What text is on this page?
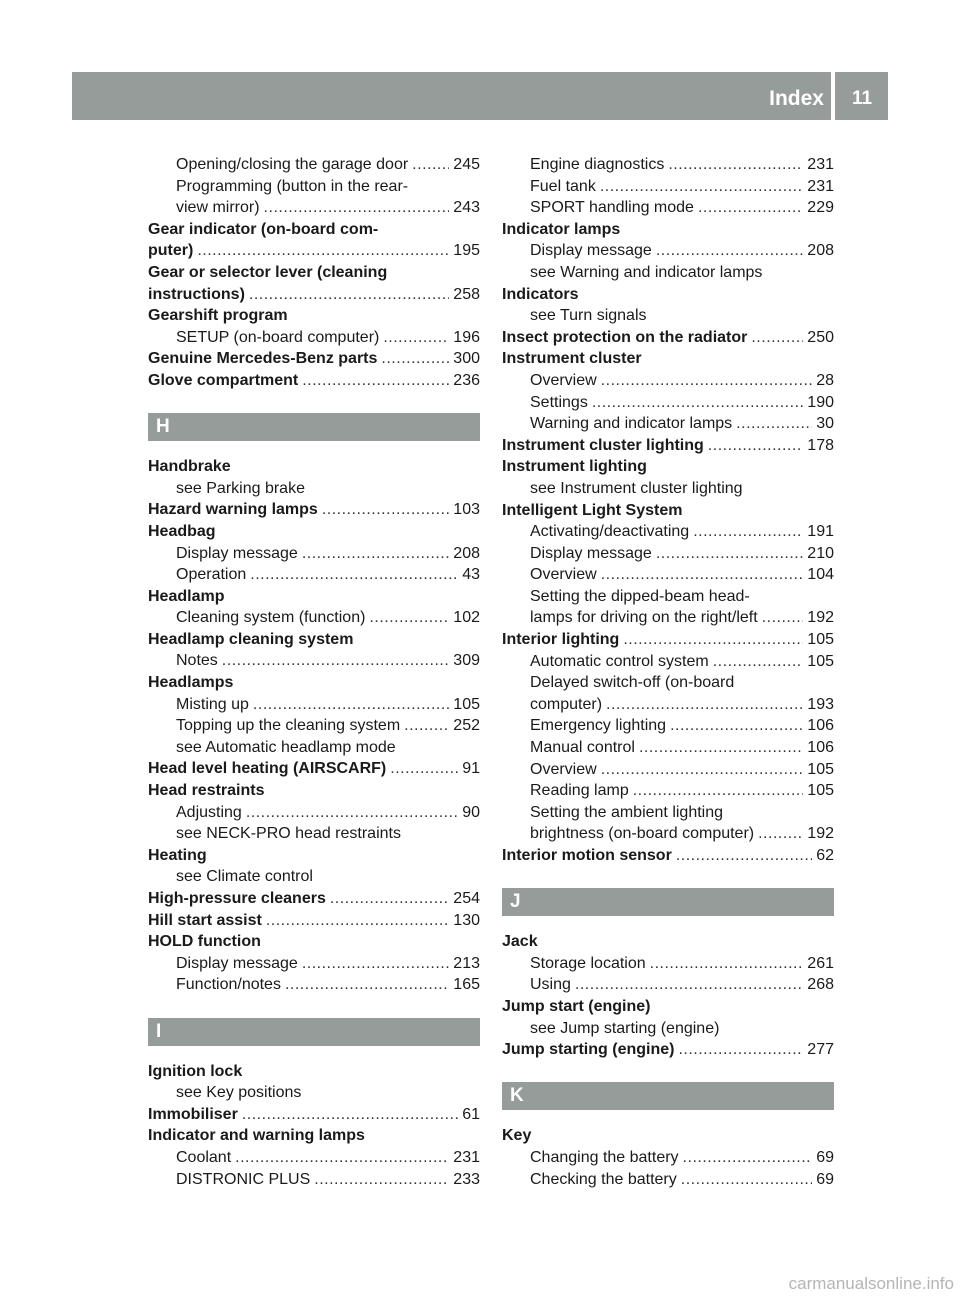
Index	11
Opening/closing the garage door .....	245
Programming (button in the rear-
view mirror) .....	243
Gear indicator (on-board com-
puter) .....	195
Gear or selector lever (cleaning
instructions) .....	258
Gearshift program
SETUP (on-board computer) .....	196
Genuine Mercedes-Benz parts .....	300
Glove compartment .....	236
H
Handbrake
see Parking brake
Hazard warning lamps .....	103
Headbag
Display message .....	208
Operation .....	43
Headlamp
Cleaning system (function) .....	102
Headlamp cleaning system
Notes .....	309
Headlamps
Misting up .....	105
Topping up the cleaning system .....	252
see Automatic headlamp mode
Head level heating (AIRSCARF) .....	91
Head restraints
Adjusting .....	90
see NECK-PRO head restraints
Heating
see Climate control
High-pressure cleaners .....	254
Hill start assist .....	130
HOLD function
Display message .....	213
Function/notes .....	165
I
Ignition lock
see Key positions
Immobiliser .....	61
Indicator and warning lamps
Coolant .....	231
DISTRONIC PLUS .....	233
Engine diagnostics .....	231
Fuel tank .....	231
SPORT handling mode .....	229
Indicator lamps
Display message .....	208
see Warning and indicator lamps
Indicators
see Turn signals
Insect protection on the radiator .....	250
Instrument cluster
Overview .....	28
Settings .....	190
Warning and indicator lamps .....	30
Instrument cluster lighting .....	178
Instrument lighting
see Instrument cluster lighting
Intelligent Light System
Activating/deactivating .....	191
Display message .....	210
Overview .....	104
Setting the dipped-beam head-
lamps for driving on the right/left .....	192
Interior lighting .....	105
Automatic control system .....	105
Delayed switch-off (on-board
computer) .....	193
Emergency lighting .....	106
Manual control .....	106
Overview .....	105
Reading lamp .....	105
Setting the ambient lighting
brightness (on-board computer) .....	192
Interior motion sensor .....	62
J
Jack
Storage location .....	261
Using .....	268
Jump start (engine)
see Jump starting (engine)
Jump starting (engine) .....	277
K
Key
Changing the battery .....	69
Checking the battery .....	69
carmanualsonline.info
